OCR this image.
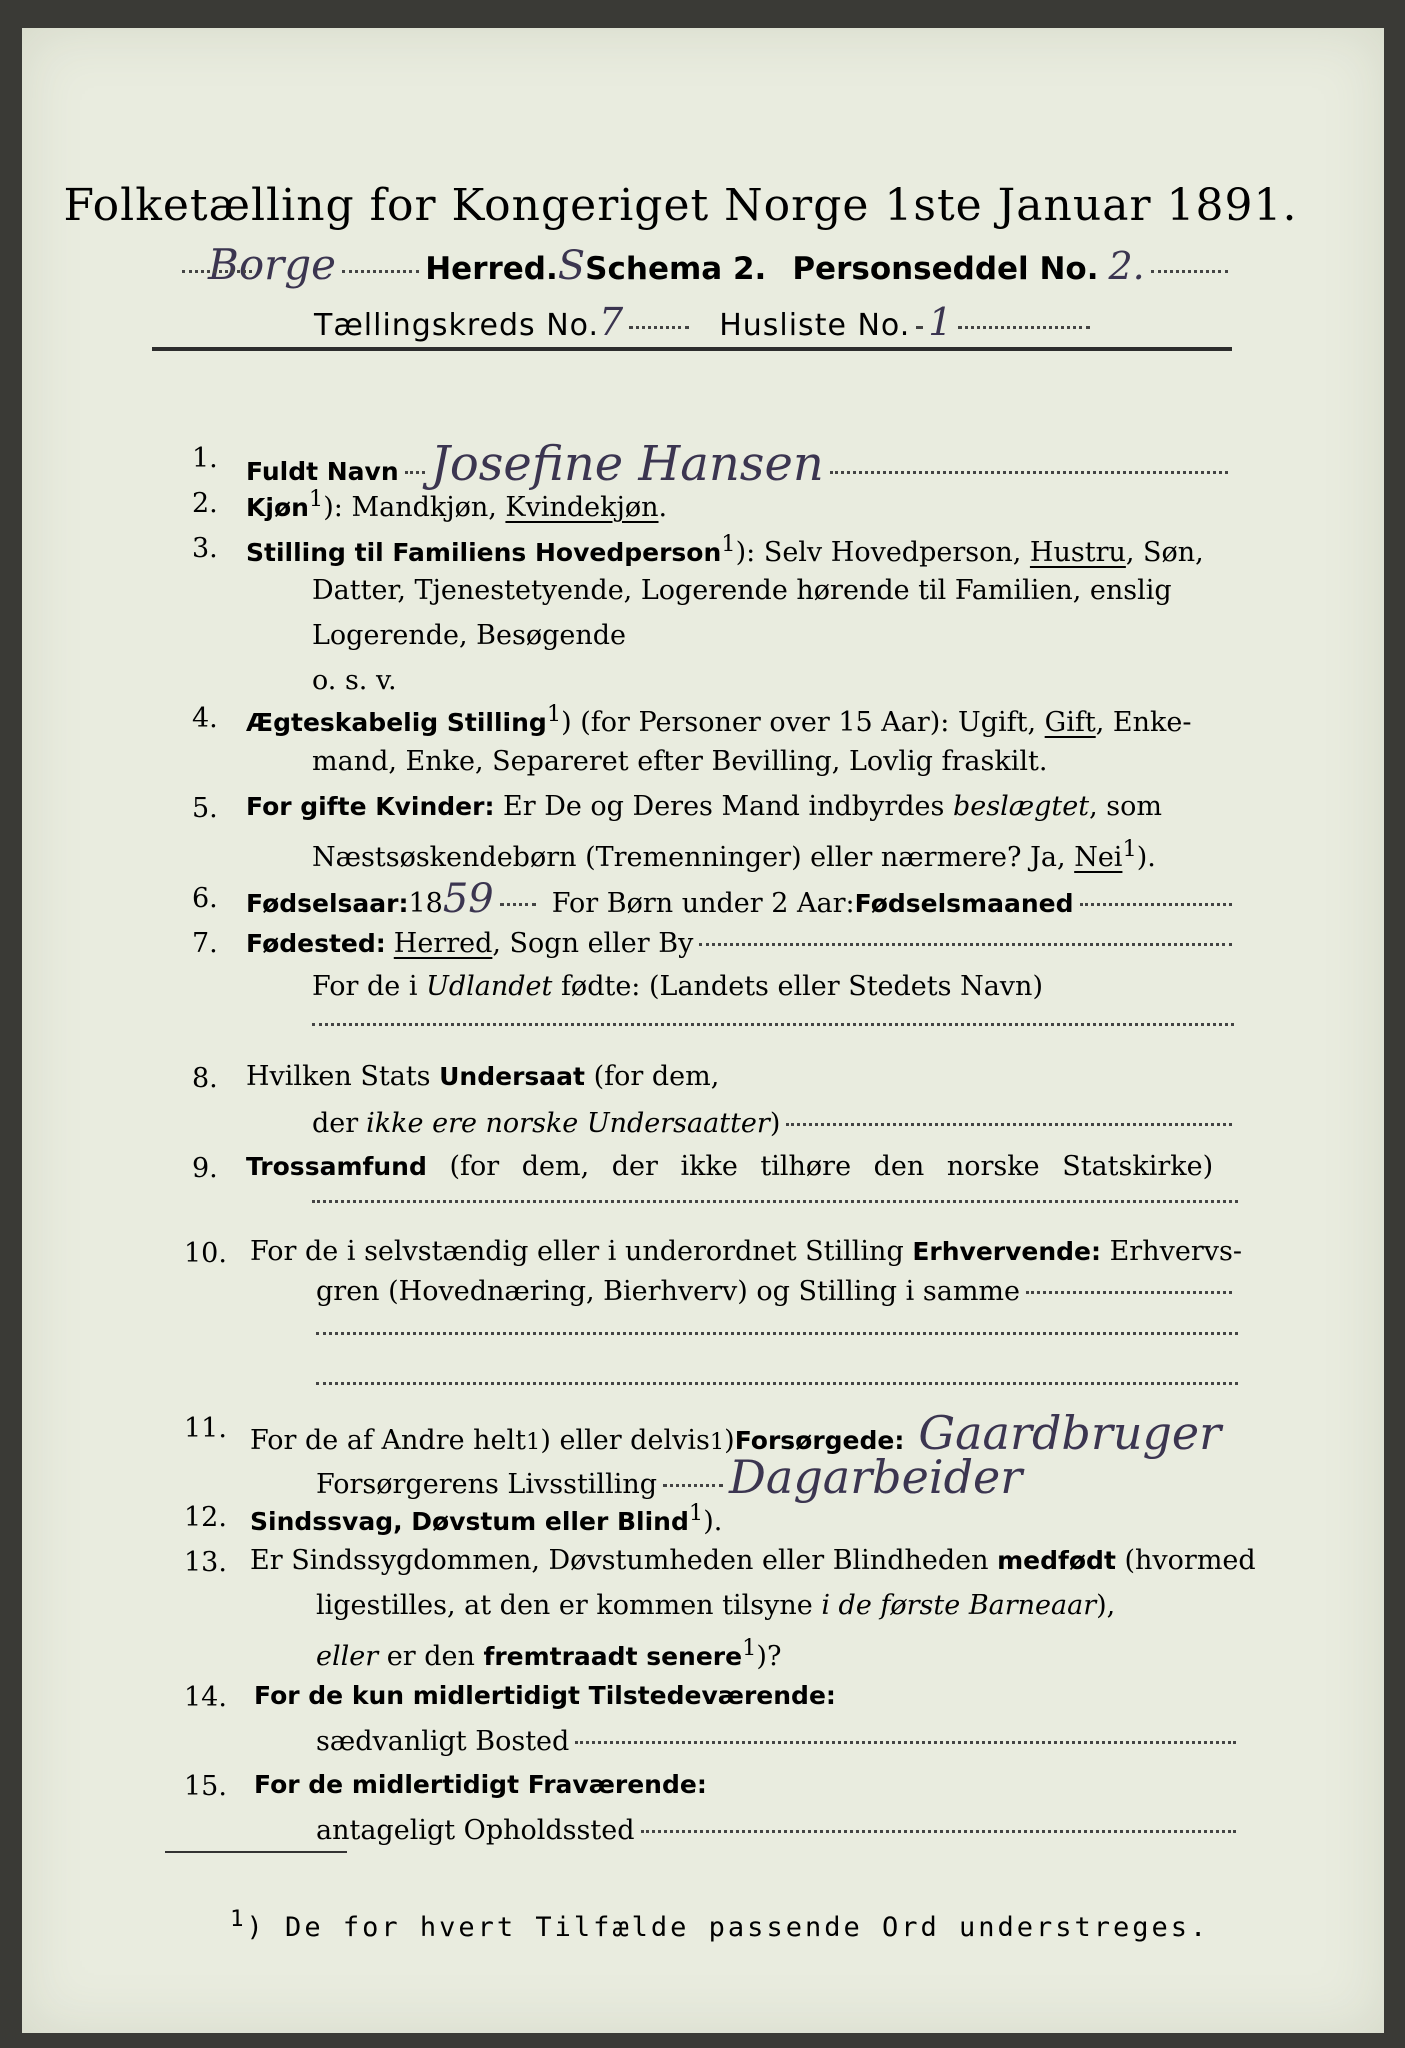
Folketælling for Kongeriget Norge 1ste Januar 1891.
Borge	Herred. S Schema 2. Personseddel No. 2.
Tællingskreds No. 7	Husliste No. 1
1. Fuldt Navn Josefine Hansen
2. Kjøn$^1$): Mandkjøn, Kvindekjøn.
3. Stilling til Familiens Hovedperson$^1$): Selv Hovedperson, Hustru, Søn,
Datter, Tjenestetyende, Logerende hørende til Familien, enslig
Logerende, Besøgende
o. s. v.
4. Ægteskabelig Stilling$^1$) (for Personer over 15 Aar): Ugift, Gift, Enke-
mand, Enke, Separeret efter Bevilling, Lovlig fraskilt.
5. For gifte Kvinder: Er De og Deres Mand indbyrdes beslægtet, som
Næstsøskendebørn (Tremenninger) eller nærmere? Ja, Nei$^1$).
6. Fødselsaar: 18 59 For Børn under 2 Aar: Fødselsmaaned
7. Fødested: Herred , Sogn eller By
For de i Udlandet fødte: (Landets eller Stedets Navn)
8. Hvilken Stats Undersaat (for dem,
der ikke ere norske Undersaatter )
9. Trossamfund (for dem, der ikke tilhøre den norske Statskirke)
10. For de i selvstændig eller i underordnet Stilling Erhvervende: Erhvervs-
gren (Hovednæring, Bierhverv) og Stilling i samme
11. For de af Andre helt 1 ) eller delvis 1 ) Forsørgede: Gaardbruger
Forsørgerens Livsstilling Dagarbeider
12. Sindssvag, Døvstum eller Blind$^1$).
13. Er Sindssygdommen, Døvstumheden eller Blindheden medfødt (hvormed
ligestilles, at den er kommen tilsyne i de første Barneaar),
eller er den fremtraadt senere$^1$)?
14. For de kun midlertidigt Tilstedeværende:
sædvanligt Bosted
15. For de midlertidigt Fraværende:
antageligt Opholdssted
$^1$) De for hvert Tilfælde passende Ord understreges.
